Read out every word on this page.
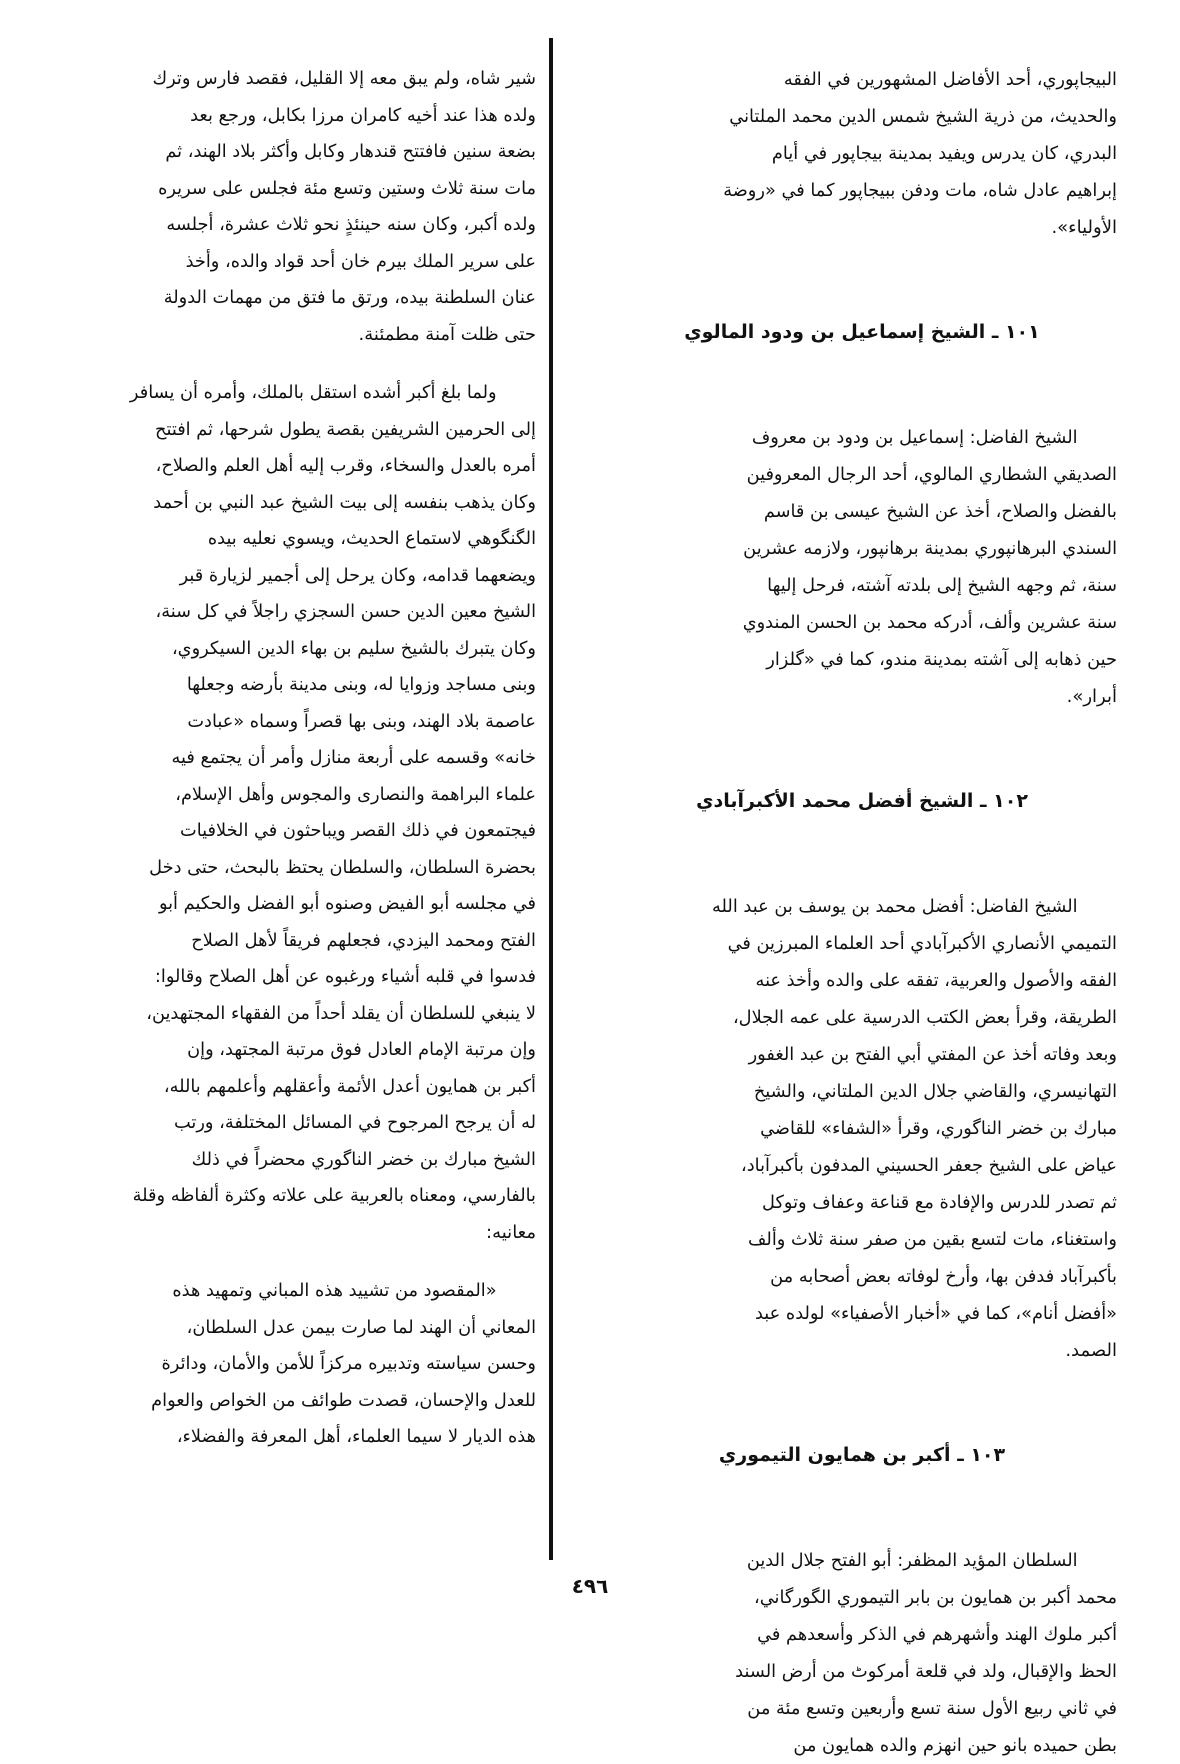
البيجاپوري، أحد الأفاضل المشهورين في الفقه
والحديث، من ذرية الشيخ شمس الدين محمد الملتاني
البدري، كان يدرس ويفيد بمدينة بيجاپور في أيام
إبراهيم عادل شاه، مات ودفن ببيجاپور كما في «روضة
الأولياء».
١٠١ ـ الشيخ إسماعيل بن ودود المالوي
الشيخ الفاضل: إسماعيل بن ودود بن معروف
الصديقي الشطاري المالوي، أحد الرجال المعروفين
بالفضل والصلاح، أخذ عن الشيخ عيسى بن قاسم
السندي البرهانپوري بمدينة برهانپور، ولازمه عشرين
سنة، ثم وجهه الشيخ إلى بلدته آشته، فرحل إليها
سنة عشرين وألف، أدركه محمد بن الحسن المندوي
حين ذهابه إلى آشته بمدينة مندو، كما في «گلزار
أبرار».
١٠٢ ـ الشيخ أفضل محمد الأكبرآبادي
الشيخ الفاضل: أفضل محمد بن يوسف بن عبد الله
التميمي الأنصاري الأكبرآبادي أحد العلماء المبرزين في
الفقه والأصول والعربية، تفقه على والده وأخذ عنه
الطريقة، وقرأ بعض الكتب الدرسية على عمه الجلال،
وبعد وفاته أخذ عن المفتي أبي الفتح بن عبد الغفور
التهانيسري، والقاضي جلال الدين الملتاني، والشيخ
مبارك بن خضر الناگوري، وقرأ «الشفاء» للقاضي
عياض على الشيخ جعفر الحسيني المدفون بأكبرآباد،
ثم تصدر للدرس والإفادة مع قناعة وعفاف وتوكل
واستغناء، مات لتسع بقين من صفر سنة ثلاث وألف
بأكبرآباد فدفن بها، وأرخ لوفاته بعض أصحابه من
«أفضل أنام»، كما في «أخبار الأصفياء» لولده عبد
الصمد.
١٠٣ ـ أكبر بن همايون التيموري
السلطان المؤيد المظفر: أبو الفتح جلال الدين
محمد أكبر بن همايون بن بابر التيموري الگورگاني،
أكبر ملوك الهند وأشهرهم في الذكر وأسعدهم في
الحظ والإقبال، ولد في قلعة أمركوٹ من أرض السند
في ثاني ربيع الأول سنة تسع وأربعين وتسع مئة من
بطن حميده بانو حين انهزم والده همايون من
شير شاه، ولم يبق معه إلا القليل، فقصد فارس وترك
ولده هذا عند أخيه كامران مرزا بكابل، ورجع بعد
بضعة سنين فافتتح قندهار وكابل وأكثر بلاد الهند، ثم
مات سنة ثلاث وستين وتسع مئة فجلس على سريره
ولده أكبر، وكان سنه حينئذٍ نحو ثلاث عشرة، أجلسه
على سرير الملك بيرم خان أحد قواد والده، وأخذ
عنان السلطنة بيده، ورتق ما فتق من مهمات الدولة
حتى ظلت آمنة مطمئنة.
ولما بلغ أكبر أشده استقل بالملك، وأمره أن يسافر
إلى الحرمين الشريفين بقصة يطول شرحها، ثم افتتح
أمره بالعدل والسخاء، وقرب إليه أهل العلم والصلاح،
وكان يذهب بنفسه إلى بيت الشيخ عبد النبي بن أحمد
الگنگوهي لاستماع الحديث، ويسوي نعليه بيده
ويضعهما قدامه، وكان يرحل إلى أجمير لزيارة قبر
الشيخ معين الدين حسن السجزي راجلاً في كل سنة،
وكان يتبرك بالشيخ سليم بن بهاء الدين السيكروي،
وبنى مساجد وزوايا له، وبنى مدينة بأرضه وجعلها
عاصمة بلاد الهند، وبنى بها قصراً وسماه «عبادت
خانه» وقسمه على أربعة منازل وأمر أن يجتمع فيه
علماء البراهمة والنصارى والمجوس وأهل الإسلام،
فيجتمعون في ذلك القصر ويباحثون في الخلافيات
بحضرة السلطان، والسلطان يحتظ بالبحث، حتى دخل
في مجلسه أبو الفيض وصنوه أبو الفضل والحكيم أبو
الفتح ومحمد اليزدي، فجعلهم فريقاً لأهل الصلاح
فدسوا في قلبه أشياء ورغبوه عن أهل الصلاح وقالوا:
لا ينبغي للسلطان أن يقلد أحداً من الفقهاء المجتهدين،
وإن مرتبة الإمام العادل فوق مرتبة المجتهد، وإن
أكبر بن همايون أعدل الأئمة وأعقلهم وأعلمهم بالله،
له أن يرجح المرجوح في المسائل المختلفة، ورتب
الشيخ مبارك بن خضر الناگوري محضراً في ذلك
بالفارسي، ومعناه بالعربية على علاته وكثرة ألفاظه وقلة
معانيه:
«المقصود من تشييد هذه المباني وتمهيد هذه
المعاني أن الهند لما صارت بيمن عدل السلطان،
وحسن سياسته وتدبيره مركزاً للأمن والأمان، ودائرة
للعدل والإحسان، قصدت طوائف من الخواص والعوام
هذه الديار لا سيما العلماء، أهل المعرفة والفضلاء،
٤٩٦
